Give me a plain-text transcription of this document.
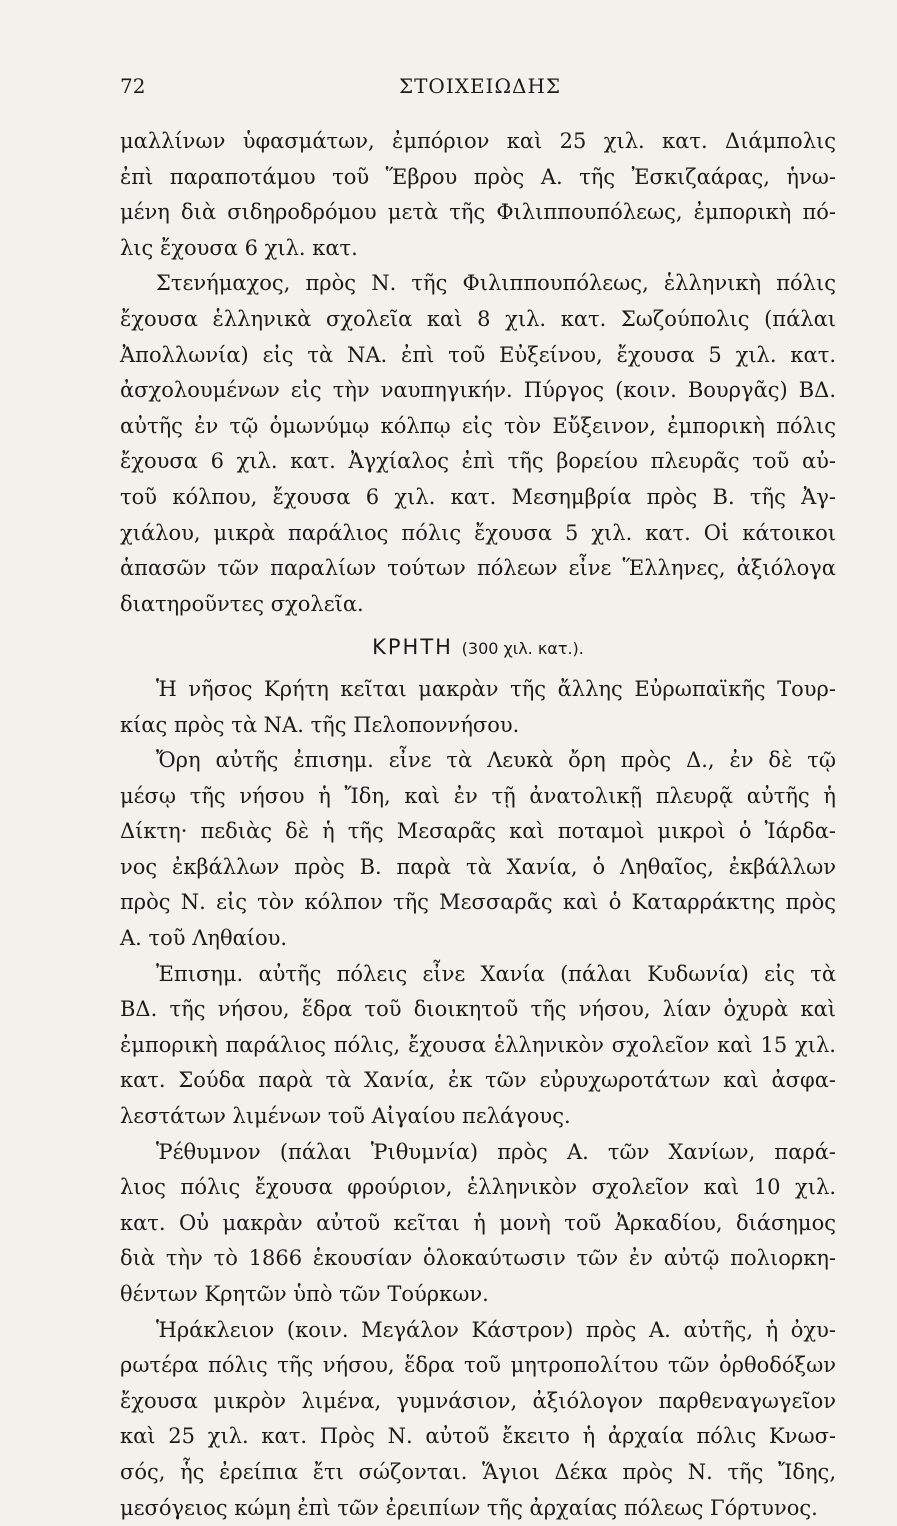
72	ΣΤΟΙΧΕΙΩΔΗΣ
μαλλίνων ὑφασμάτων, ἐμπόριον καὶ 25 χιλ. κατ. Διάμπολις
ἐπὶ παραποτάμου τοῦ Ἕβρου πρὸς Α. τῆς Ἐσκιζαάρας, ἡνω-
μένη διὰ σιδηροδρόμου μετὰ τῆς Φιλιππουπόλεως, ἐμπορικὴ πό-
λις ἔχουσα 6 χιλ. κατ.
Στενήμαχος, πρὸς Ν. τῆς Φιλιππουπόλεως, ἑλληνικὴ πόλις
ἔχουσα ἑλληνικὰ σχολεῖα καὶ 8 χιλ. κατ. Σωζούπολις (πάλαι
Ἀπολλωνία) εἰς τὰ ΝΑ. ἐπὶ τοῦ Εὐξείνου, ἔχουσα 5 χιλ. κατ.
ἀσχολουμένων εἰς τὴν ναυπηγικήν. Πύργος (κοιν. Βουργᾶς) ΒΔ.
αὐτῆς ἐν τῷ ὁμωνύμῳ κόλπῳ εἰς τὸν Εὔξεινον, ἐμπορικὴ πόλις
ἔχουσα 6 χιλ. κατ. Ἀγχίαλος ἐπὶ τῆς βορείου πλευρᾶς τοῦ αὐ-
τοῦ κόλπου, ἔχουσα 6 χιλ. κατ. Μεσημβρία πρὸς Β. τῆς Ἀγ-
χιάλου, μικρὰ παράλιος πόλις ἔχουσα 5 χιλ. κατ. Οἱ κάτοικοι
ἁπασῶν τῶν παραλίων τούτων πόλεων εἶνε Ἕλληνες, ἀξιόλογα
διατηροῦντες σχολεῖα.
ΚΡΗΤΗ (300 χιλ. κατ.).
Ἡ νῆσος Κρήτη κεῖται μακρὰν τῆς ἄλλης Εὐρωπαϊκῆς Τουρ-
κίας πρὸς τὰ ΝΑ. τῆς Πελοποννήσου.
Ὄρη αὐτῆς ἐπισημ. εἶνε τὰ Λευκὰ ὄρη πρὸς Δ., ἐν δὲ τῷ
μέσῳ τῆς νήσου ἡ Ἴδη, καὶ ἐν τῇ ἀνατολικῇ πλευρᾷ αὐτῆς ἡ
Δίκτη· πεδιὰς δὲ ἡ τῆς Μεσαρᾶς καὶ ποταμοὶ μικροὶ ὁ Ἰάρδα-
νος ἐκβάλλων πρὸς Β. παρὰ τὰ Χανία, ὁ Ληθαῖος, ἐκβάλλων
πρὸς Ν. εἰς τὸν κόλπον τῆς Μεσσαρᾶς καὶ ὁ Καταρράκτης πρὸς
Α. τοῦ Ληθαίου.
Ἐπισημ. αὐτῆς πόλεις εἶνε Χανία (πάλαι Κυδωνία) εἰς τὰ
ΒΔ. τῆς νήσου, ἕδρα τοῦ διοικητοῦ τῆς νήσου, λίαν ὀχυρὰ καὶ
ἐμπορικὴ παράλιος πόλις, ἔχουσα ἑλληνικὸν σχολεῖον καὶ 15 χιλ.
κατ. Σούδα παρὰ τὰ Χανία, ἐκ τῶν εὐρυχωροτάτων καὶ ἀσφα-
λεστάτων λιμένων τοῦ Αἰγαίου πελάγους.
Ῥέθυμνον (πάλαι Ῥιθυμνία) πρὸς Α. τῶν Χανίων, παρά-
λιος πόλις ἔχουσα φρούριον, ἑλληνικὸν σχολεῖον καὶ 10 χιλ.
κατ. Οὐ μακρὰν αὐτοῦ κεῖται ἡ μονὴ τοῦ Ἀρκαδίου, διάσημος
διὰ τὴν τὸ 1866 ἑκουσίαν ὁλοκαύτωσιν τῶν ἐν αὐτῷ πολιορκη-
θέντων Κρητῶν ὑπὸ τῶν Τούρκων.
Ἡράκλειον (κοιν. Μεγάλον Κάστρον) πρὸς Α. αὐτῆς, ἡ ὀχυ-
ρωτέρα πόλις τῆς νήσου, ἕδρα τοῦ μητροπολίτου τῶν ὀρθοδόξων
ἔχουσα μικρὸν λιμένα, γυμνάσιον, ἀξιόλογον παρθεναγωγεῖον
καὶ 25 χιλ. κατ. Πρὸς Ν. αὐτοῦ ἔκειτο ἡ ἀρχαία πόλις Κνωσ-
σός, ἧς ἐρείπια ἔτι σώζονται. Ἅγιοι Δέκα πρὸς Ν. τῆς Ἴδης,
μεσόγειος κώμη ἐπὶ τῶν ἐρειπίων τῆς ἀρχαίας πόλεως Γόρτυνος.
